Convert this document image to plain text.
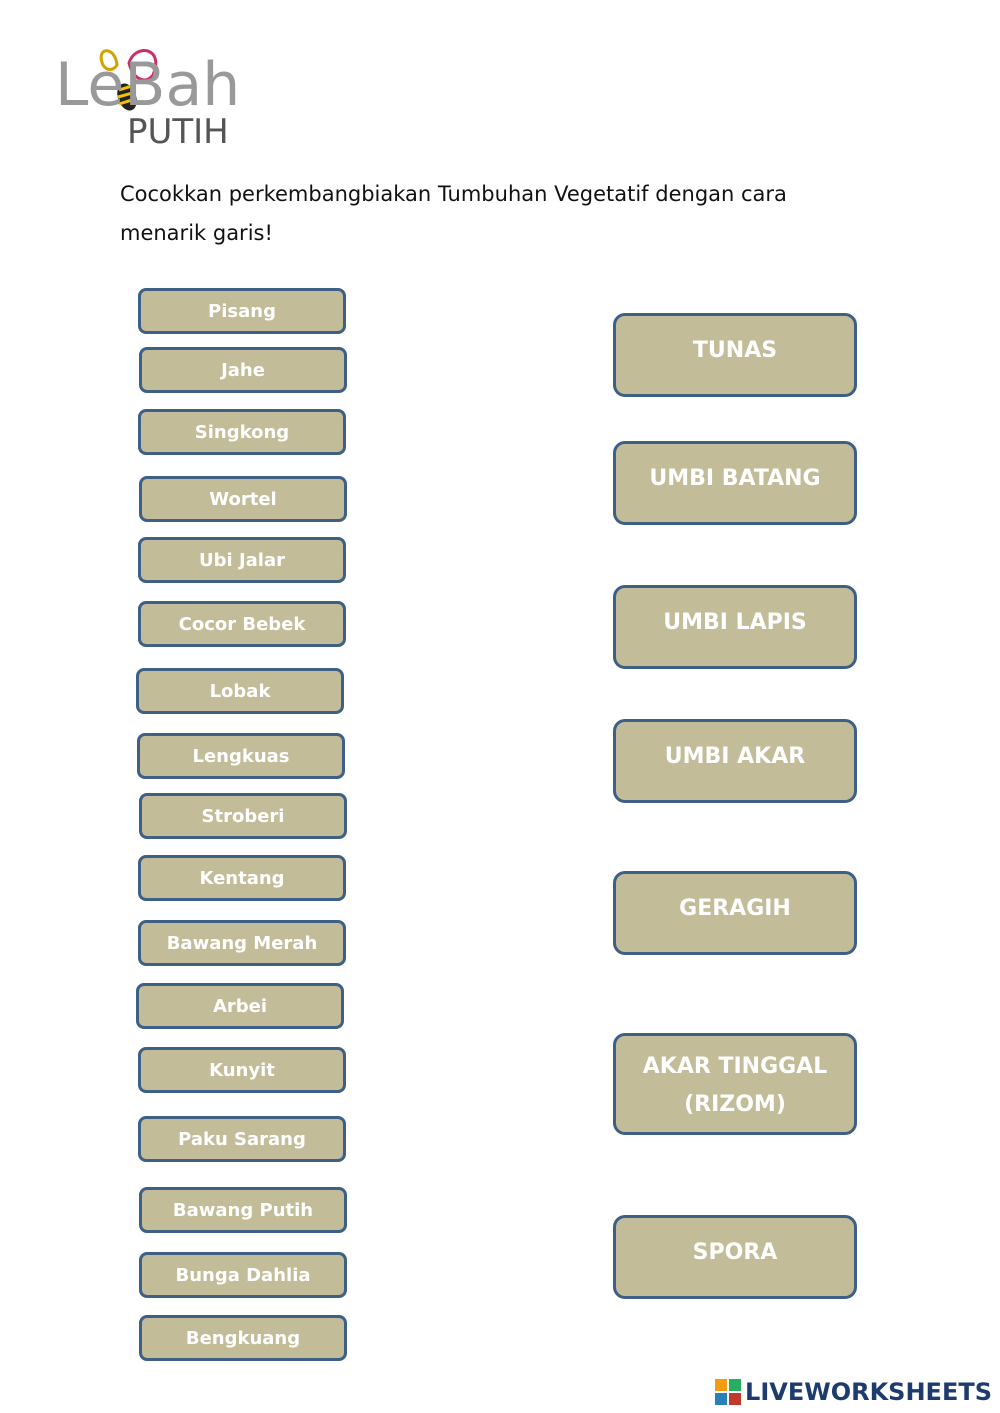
LeBah
PUTIH
Cocokkan perkembangbiakan Tumbuhan Vegetatif dengan cara menarik garis!
Pisang
Jahe
Singkong
Wortel
Ubi Jalar
Cocor Bebek
Lobak
Lengkuas
Stroberi
Kentang
Bawang Merah
Arbei
Kunyit
Paku Sarang
Bawang Putih
Bunga Dahlia
Bengkuang
TUNAS
UMBI BATANG
UMBI LAPIS
UMBI AKAR
GERAGIH
AKAR TINGGAL (RIZOM)
SPORA
LIVEWORKSHEETS
